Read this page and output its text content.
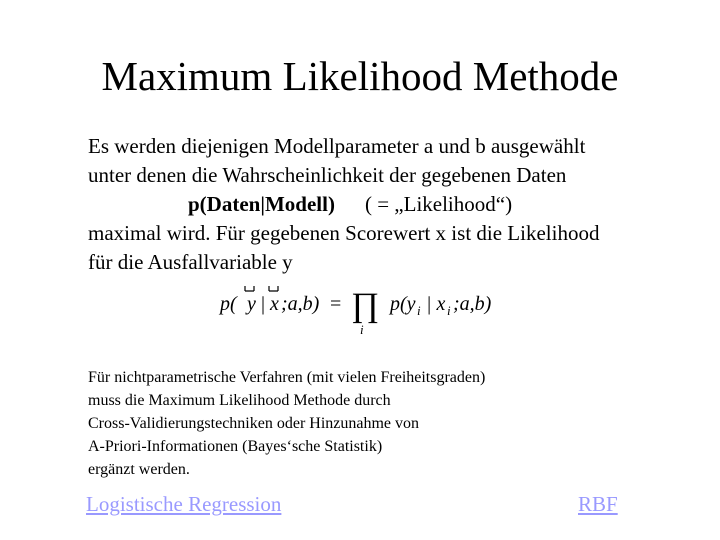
Maximum Likelihood Methode
Es werden diejenigen Modellparameter a und b ausgewählt
unter denen die Wahrscheinlichkeit der gegebenen Daten
p(Daten|Modell) ( = „Likelihood“)
maximal wird. Für gegebenen Scorewert x ist die Likelihood
für die Ausfallvariable y
p( y | x ;a,b) = ∏
i
p(y i | x i ;a,b)
Für nichtparametrische Verfahren (mit vielen Freiheitsgraden)
muss die Maximum Likelihood Methode durch
Cross-Validierungstechniken oder Hinzunahme von
A-Priori-Informationen (Bayes‘sche Statistik)
ergänzt werden.
Logistische Regression	RBF
